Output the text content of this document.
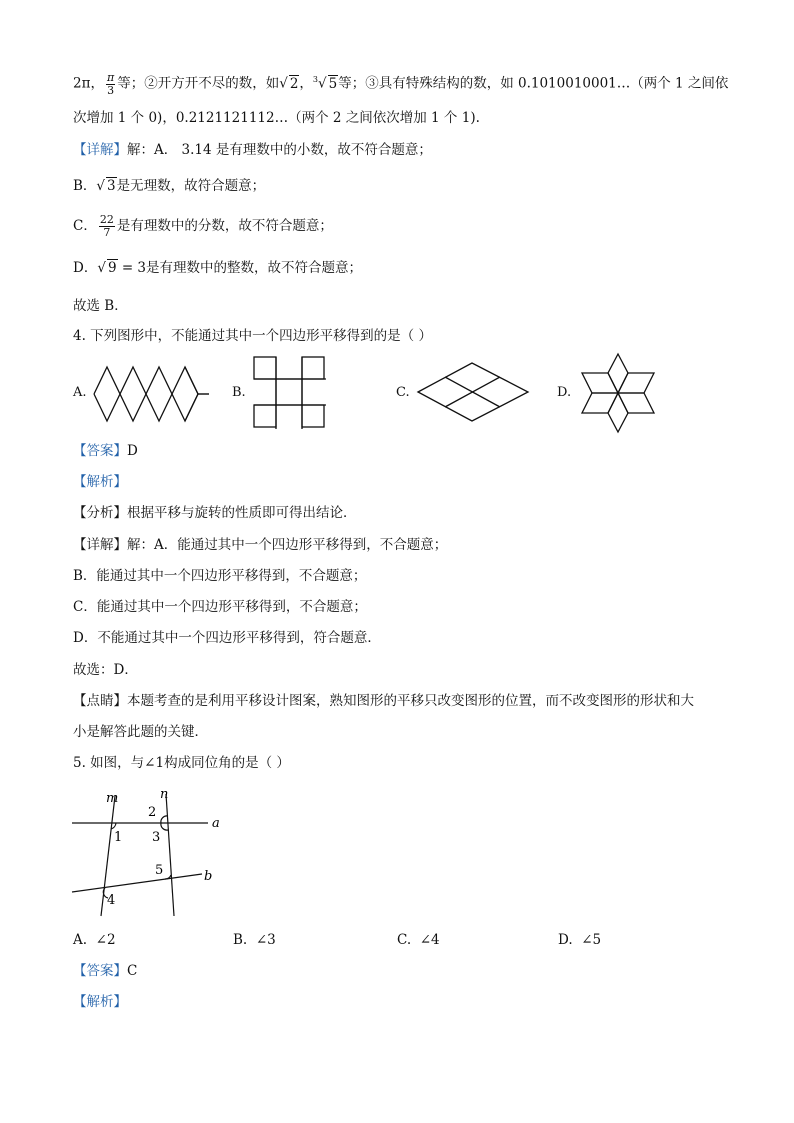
2π， $\frac{\pi}{3}$ 等；②开方开不尽的数，如√ 2，$^3$√ 5等；③具有特殊结构的数，如 0.1010010001…（两个 1 之间依
次增加 1 个 0)，0.2121121112…（两个 2 之间依次增加 1 个 1).
【详解】解：A． 3.14 是有理数中的小数，故不符合题意；
B．√ 3是无理数，故符合题意；
C． $\frac{22}{7}$ 是有理数中的分数，故不符合题意；
D．√ 9 = 3是有理数中的整数，故不符合题意；
故选 B．
4. 下列图形中，不能通过其中一个四边形平移得到的是（ ）
A.	B.	C.	D.
【答案】D
【解析】
【分析】根据平移与旋转的性质即可得出结论．
【详解】解：A．能通过其中一个四边形平移得到，不合题意；
B．能通过其中一个四边形平移得到，不合题意；
C．能通过其中一个四边形平移得到，不合题意；
D．不能通过其中一个四边形平移得到，符合题意．
故选：D．
【点睛】本题考查的是利用平移设计图案，熟知图形的平移只改变图形的位置，而不改变图形的形状和大
小是解答此题的关键．
5. 如图，与∠1构成同位角的是（ ）
m	n
a
b
1
2
3
4
5
A. ∠2	B. ∠3	C. ∠4	D. ∠5
【答案】C
【解析】
